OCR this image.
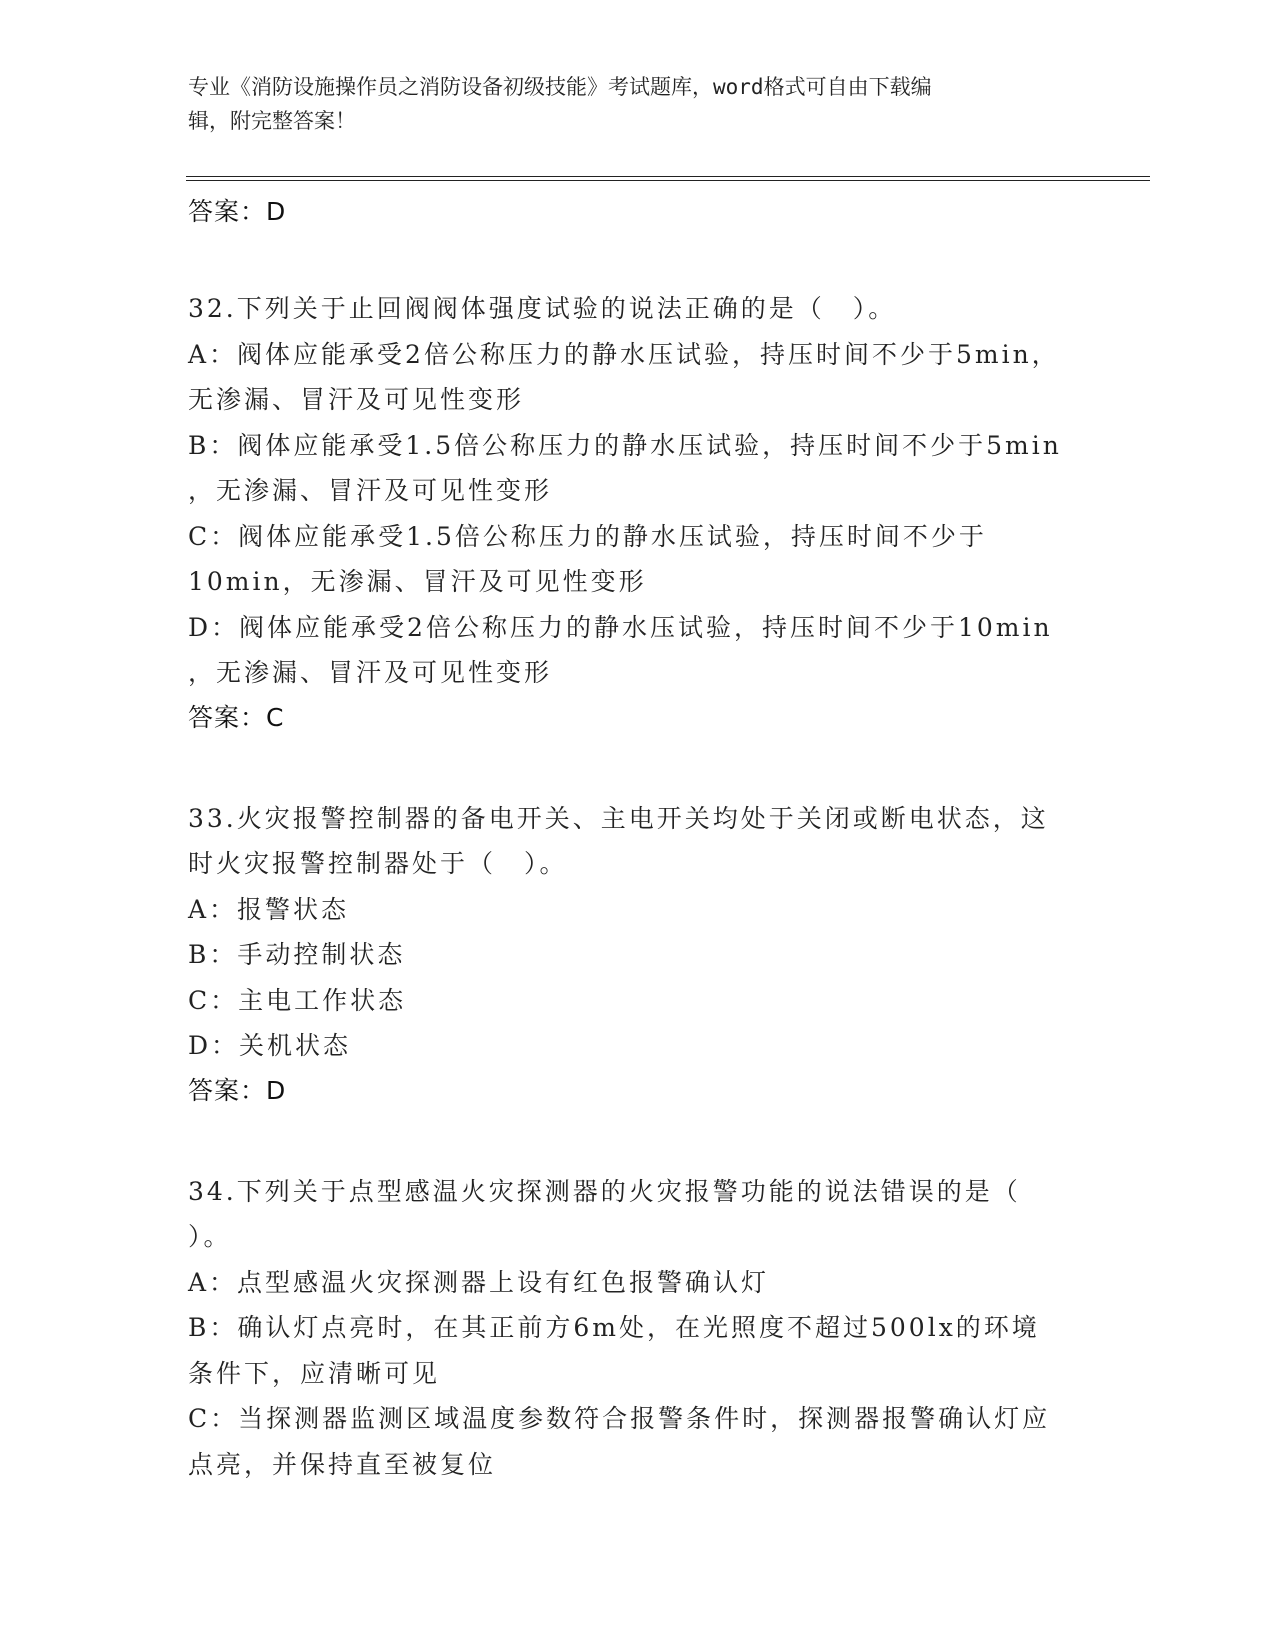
专业《消防设施操作员之消防设备初级技能》考试题库，word格式可自由下载编
辑，附完整答案！
答案：D
32.下列关于止回阀阀体强度试验的说法正确的是（　）。
A：阀体应能承受2倍公称压力的静水压试验，持压时间不少于5min，
无渗漏、冒汗及可见性变形
B：阀体应能承受1.5倍公称压力的静水压试验，持压时间不少于5min
，无渗漏、冒汗及可见性变形
C：阀体应能承受1.5倍公称压力的静水压试验，持压时间不少于
10min，无渗漏、冒汗及可见性变形
D：阀体应能承受2倍公称压力的静水压试验，持压时间不少于10min
，无渗漏、冒汗及可见性变形
答案：C
33.火灾报警控制器的备电开关、主电开关均处于关闭或断电状态，这
时火灾报警控制器处于（　）。
A：报警状态
B：手动控制状态
C：主电工作状态
D：关机状态
答案：D
34.下列关于点型感温火灾探测器的火灾报警功能的说法错误的是（
）。
A：点型感温火灾探测器上设有红色报警确认灯
B：确认灯点亮时，在其正前方6m处，在光照度不超过500lx的环境
条件下，应清晰可见
C：当探测器监测区域温度参数符合报警条件时，探测器报警确认灯应
点亮，并保持直至被复位
